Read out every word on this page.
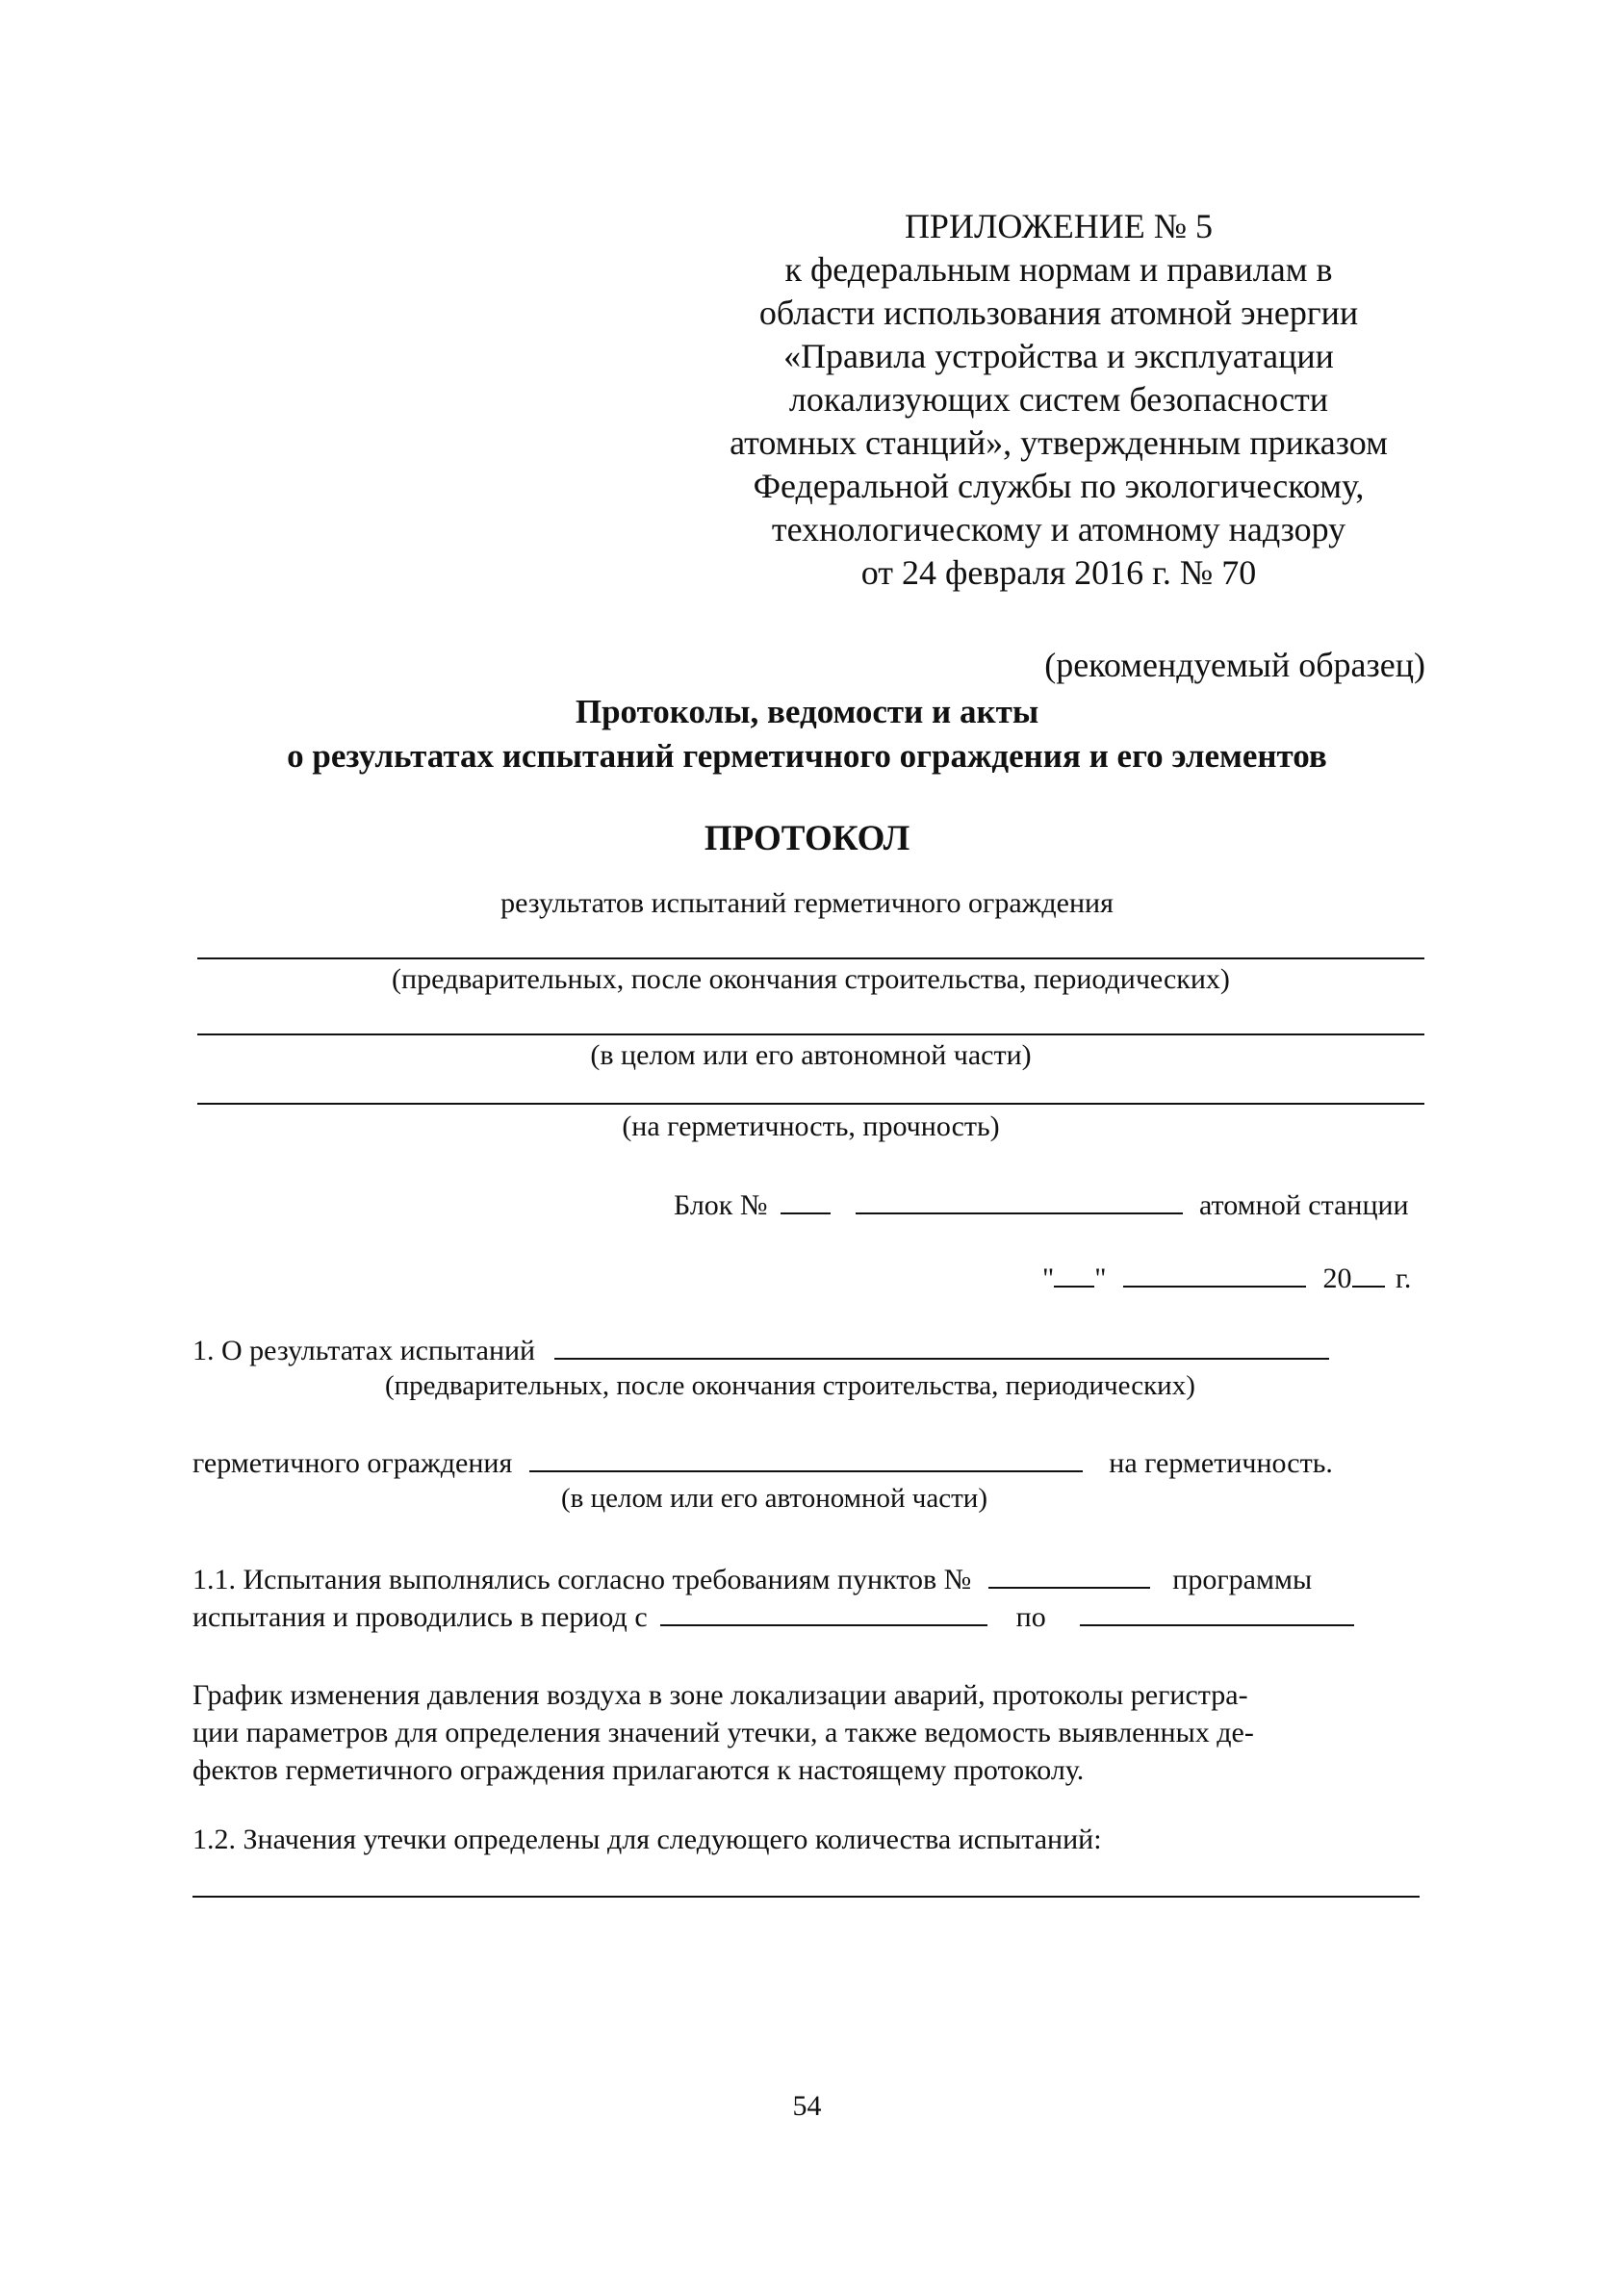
ПРИЛОЖЕНИЕ № 5
к федеральным нормам и правилам в
области использования атомной энергии
«Правила устройства и эксплуатации
локализующих систем безопасности
атомных станций», утвержденным приказом
Федеральной службы по экологическому,
технологическому и атомному надзору
от 24 февраля 2016 г. № 70
(рекомендуемый образец)
Протоколы, ведомости и акты
о результатах испытаний герметичного ограждения и его элементов
ПРОТОКОЛ
результатов испытаний герметичного ограждения
(предварительных, после окончания строительства, периодических)
(в целом или его автономной части)
(на герметичность, прочность)
Блок №	атомной станции
" "	20 г.
1. О результатах испытаний
(предварительных, после окончания строительства, периодических)
герметичного ограждения	на герметичность.
(в целом или его автономной части)
1.1. Испытания выполнялись согласно требованиям пунктов №	программы
испытания и проводились в период с	по
График изменения давления воздуха в зоне локализации аварий, протоколы регистра-
ции параметров для определения значений утечки, а также ведомость выявленных де-
фектов герметичного ограждения прилагаются к настоящему протоколу.
1.2. Значения утечки определены для следующего количества испытаний:
54
